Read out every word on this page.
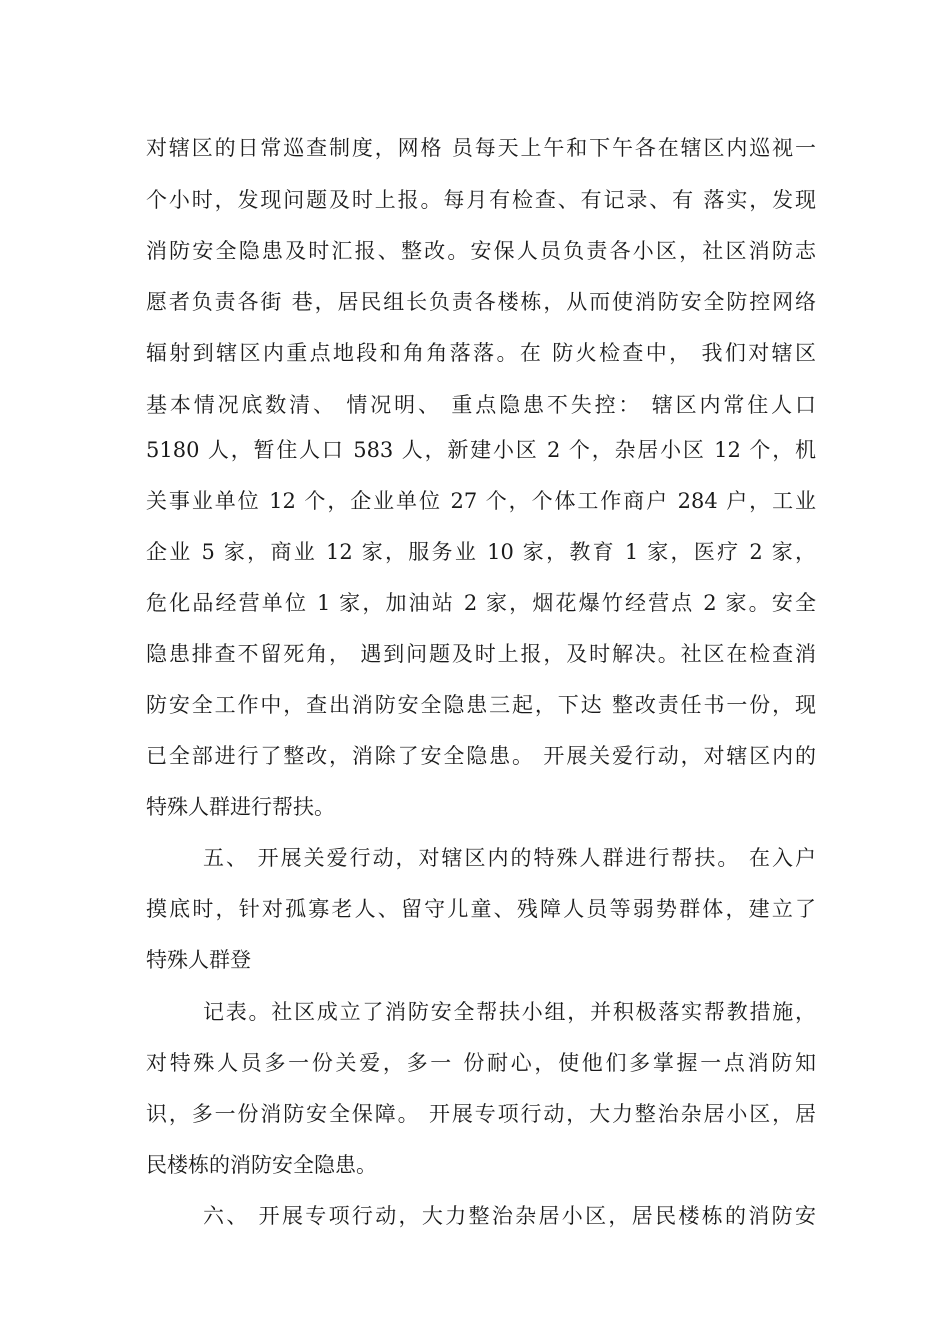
对辖区的日常巡查制度，网格 员每天上午和下午各在辖区内巡视一
个小时，发现问题及时上报。每月有检查、有记录、有 落实，发现
消防安全隐患及时汇报、整改。安保人员负责各小区，社区消防志
愿者负责各街 巷，居民组长负责各楼栋，从而使消防安全防控网络
辐射到辖区内重点地段和角角落落。在 防火检查中， 我们对辖区
基本情况底数清、 情况明、 重点隐患不失控： 辖区内常住人口
5180 人，暂住人口 583 人，新建小区 2 个，杂居小区 12 个，机
关事业单位 12 个，企业单位 27 个，个体工作商户 284 户，工业
企业 5 家，商业 12 家，服务业 10 家，教育 1 家，医疗 2 家，
危化品经营单位 1 家，加油站 2 家，烟花爆竹经营点 2 家。安全
隐患排查不留死角， 遇到问题及时上报，及时解决。社区在检查消
防安全工作中，查出消防安全隐患三起，下达 整改责任书一份，现
已全部进行了整改，消除了安全隐患。 开展关爱行动，对辖区内的
特殊人群进行帮扶。
五、 开展关爱行动，对辖区内的特殊人群进行帮扶。 在入户
摸底时，针对孤寡老人、留守儿童、残障人员等弱势群体，建立了
特殊人群登
记表。社区成立了消防安全帮扶小组，并积极落实帮教措施，
对特殊人员多一份关爱，多一 份耐心，使他们多掌握一点消防知
识，多一份消防安全保障。 开展专项行动，大力整治杂居小区，居
民楼栋的消防安全隐患。
六、 开展专项行动，大力整治杂居小区，居民楼栋的消防安
